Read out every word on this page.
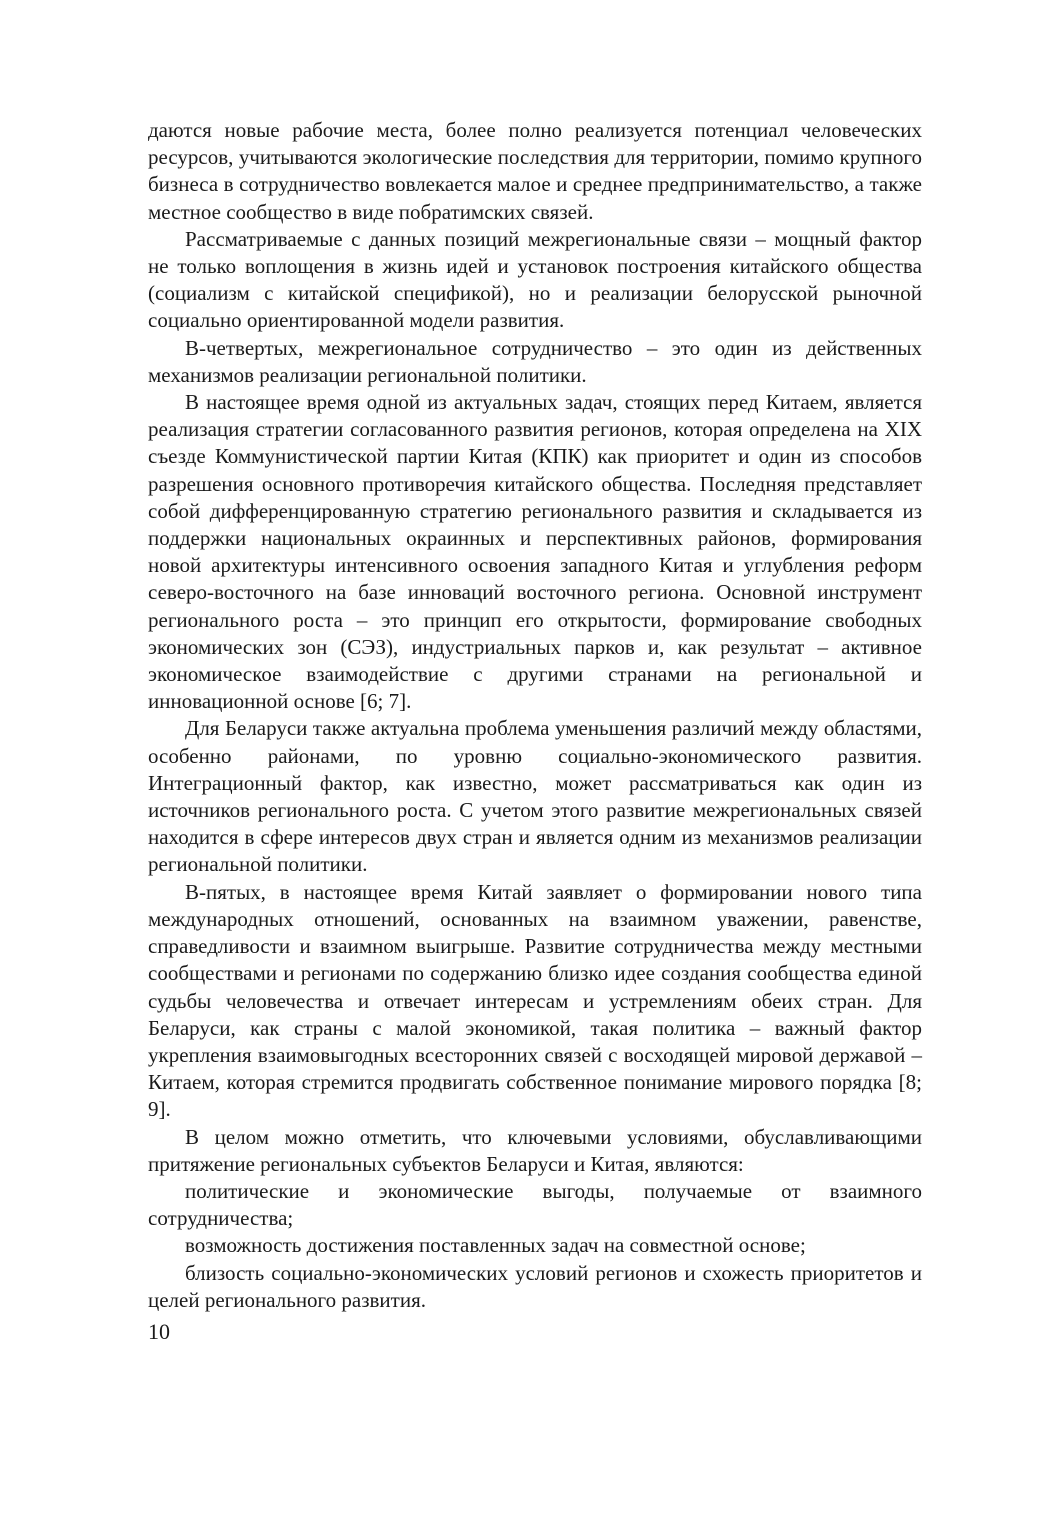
даются новые рабочие места, более полно реализуется потенциал человеческих ресурсов, учитываются экологические последствия для территории, помимо крупного бизнеса в сотрудничество вовлекается малое и среднее предпринимательство, а также местное сообщество в виде побратимских связей.

Рассматриваемые с данных позиций межрегиональные связи – мощный фактор не только воплощения в жизнь идей и установок построения китайского общества (социализм с китайской спецификой), но и реализации белорусской рыночной социально ориентированной модели развития.

В-четвертых, межрегиональное сотрудничество – это один из действенных механизмов реализации региональной политики.

В настоящее время одной из актуальных задач, стоящих перед Китаем, является реализация стратегии согласованного развития регионов, которая определена на XIX съезде Коммунистической партии Китая (КПК) как приоритет и один из способов разрешения основного противоречия китайского общества. Последняя представляет собой дифференцированную стратегию регионального развития и складывается из поддержки национальных окраинных и перспективных районов, формирования новой архитектуры интенсивного освоения западного Китая и углубления реформ северо-восточного на базе инноваций восточного региона. Основной инструмент регионального роста – это принцип его открытости, формирование свободных экономических зон (СЭЗ), индустриальных парков и, как результат – активное экономическое взаимодействие с другими странами на региональной и инновационной основе [6; 7].

Для Беларуси также актуальна проблема уменьшения различий между областями, особенно районами, по уровню социально-экономического развития. Интеграционный фактор, как известно, может рассматриваться как один из источников регионального роста. С учетом этого развитие межрегиональных связей находится в сфере интересов двух стран и является одним из механизмов реализации региональной политики.

В-пятых, в настоящее время Китай заявляет о формировании нового типа международных отношений, основанных на взаимном уважении, равенстве, справедливости и взаимном выигрыше. Развитие сотрудничества между местными сообществами и регионами по содержанию близко идее создания сообщества единой судьбы человечества и отвечает интересам и устремлениям обеих стран. Для Беларуси, как страны с малой экономикой, такая политика – важный фактор укрепления взаимовыгодных всесторонних связей с восходящей мировой державой – Китаем, которая стремится продвигать собственное понимание мирового порядка [8; 9].

В целом можно отметить, что ключевыми условиями, обуславливающими притяжение региональных субъектов Беларуси и Китая, являются:

политические и экономические выгоды, получаемые от взаимного сотрудничества;

возможность достижения поставленных задач на совместной основе;

близость социально-экономических условий регионов и схожесть приоритетов и целей регионального развития.

10
